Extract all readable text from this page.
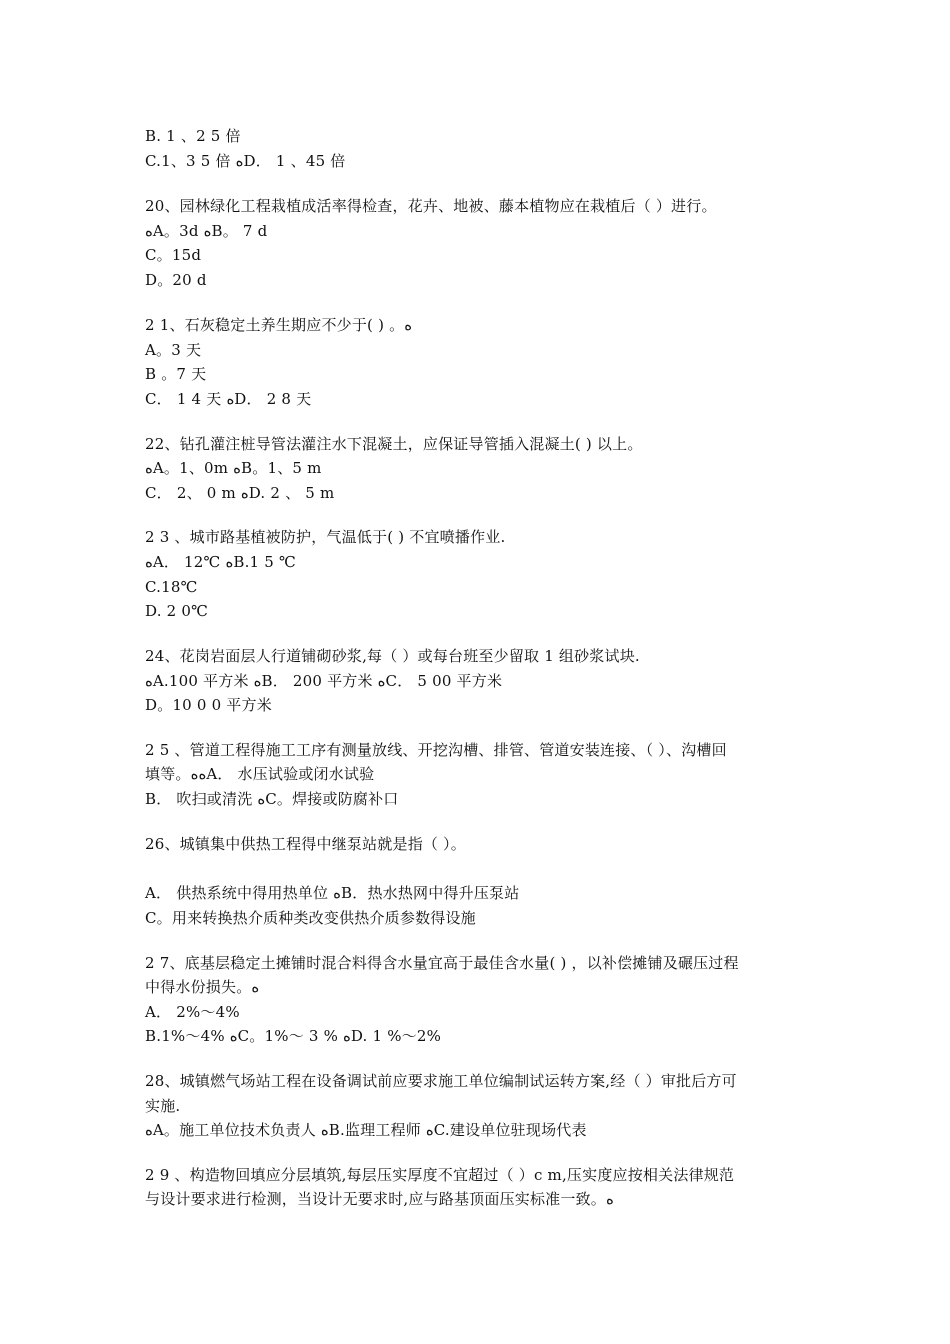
B. 1 、2 5 倍
C.1、3 5 倍 ﻩD． 1 、45 倍
20、园林绿化工程栽植成活率得检查，花卉、地被、藤本植物应在栽植后（ ）进行。
ﻩA。3d ﻩB。 7 d
C。15d
D。20 d
2 1、石灰稳定土养生期应不少于( ) 。ﻩ
A。3 天
B 。7 天
C． 1 4 天 ﻩD． 2 8 天
22、钻孔灌注桩导管法灌注水下混凝土，应保证导管插入混凝土( ) 以上。
ﻩA。1、0m ﻩB。1、5 m
C． 2、 0 m ﻩD. 2 、 5 m
2 3 、城市路基植被防护，气温低于( ) 不宜喷播作业.
ﻩA． 12℃ ﻩB.1 5 ℃
C.18℃
D. 2 0℃
24、花岗岩面层人行道铺砌砂浆,每（ ）或每台班至少留取 1 组砂浆试块.
ﻩA.100 平方米 ﻩB． 200 平方米 ﻩC． 5 00 平方米
D。10 0 0 平方米
2 5 、管道工程得施工工序有测量放线、开挖沟槽、排管、管道安装连接、（ ）、沟槽回
填等。ﻩﻩA． 水压试验或闭水试验
B． 吹扫或清洗 ﻩC。焊接或防腐补口
26、城镇集中供热工程得中继泵站就是指（ ）。
A． 供热系统中得用热单位 ﻩB．热水热网中得升压泵站
C。用来转换热介质种类改变供热介质参数得设施
2 7、底基层稳定土摊铺时混合料得含水量宜高于最佳含水量( ) ，以补偿摊铺及碾压过程
中得水份损失。ﻩ
A． 2%～4%
B.1%～4% ﻩC。1%～ 3 % ﻩD. 1 %～2%
28、城镇燃气场站工程在设备调试前应要求施工单位编制试运转方案,经（ ）审批后方可
实施.
ﻩA。施工单位技术负责人 ﻩB.监理工程师 ﻩC.建设单位驻现场代表
2 9 、构造物回填应分层填筑,每层压实厚度不宜超过（ ）c m,压实度应按相关法律规范
与设计要求进行检测，当设计无要求时,应与路基顶面压实标准一致。ﻩ
